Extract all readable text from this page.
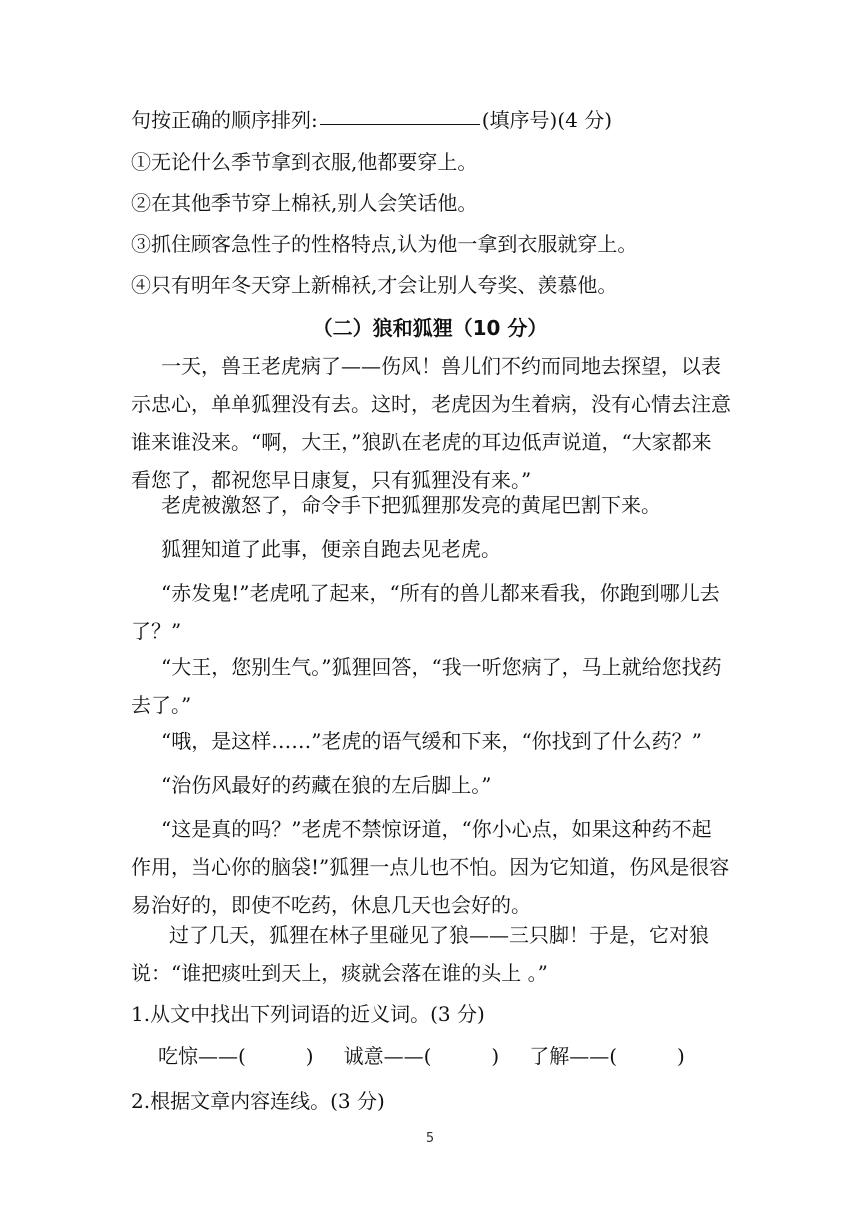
句按正确的顺序排列:	(填序号)(4 分)
①无论什么季节拿到衣服,他都要穿上。
②在其他季节穿上棉袄,别人会笑话他。
③抓住顾客急性子的性格特点,认为他一拿到衣服就穿上。
④只有明年冬天穿上新棉袄,才会让别人夸奖、羡慕他。
（二）狼和狐狸（10 分）
一天，兽王老虎病了——伤风！兽儿们不约而同地去探望，以表示忠心，单单狐狸没有去。这时，老虎因为生着病，没有心情去注意谁来谁没来。“啊，大王，”狼趴在老虎的耳边低声说道，“大家都来看您了，都祝您早日康复，只有狐狸没有来。”
老虎被激怒了，命令手下把狐狸那发亮的黄尾巴割下来。
狐狸知道了此事，便亲自跑去见老虎。
“赤发鬼!”老虎吼了起来，“所有的兽儿都来看我，你跑到哪儿去了？”
“大王，您别生气。”狐狸回答，“我一听您病了，马上就给您找药去了。”
“哦，是这样……”老虎的语气缓和下来，“你找到了什么药？”
“治伤风最好的药藏在狼的左后脚上。”
“这是真的吗？”老虎不禁惊讶道，“你小心点，如果这种药不起作用，当心你的脑袋!”狐狸一点儿也不怕。因为它知道，伤风是很容易治好的，即使不吃药，休息几天也会好的。
过了几天，狐狸在林子里碰见了狼——三只脚！于是，它对狼说：“谁把痰吐到天上，痰就会落在谁的头上 。”
1.从文中找出下列词语的近义词。(3 分)
吃惊——(　　　) 诚意——(　　　) 了解——(　　　)
2.根据文章内容连线。(3 分)
5
